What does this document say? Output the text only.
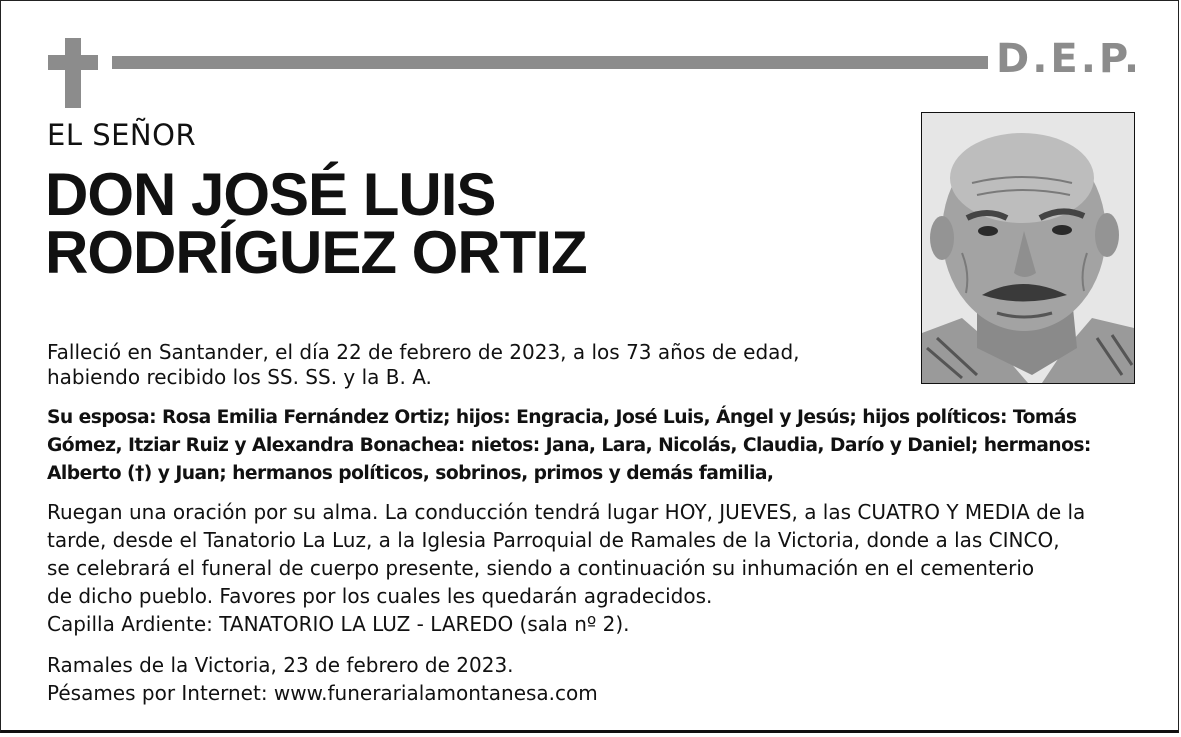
D.E.P.
EL SEÑOR
DON JOSÉ LUIS
RODRÍGUEZ ORTIZ
Falleció en Santander, el día 22 de febrero de 2023, a los 73 años de edad,
habiendo recibido los SS. SS. y la B. A.
Su esposa: Rosa Emilia Fernández Ortiz; hijos: Engracia, José Luis, Ángel y Jesús; hijos políticos: Tomás
Gómez, Itziar Ruiz y Alexandra Bonachea: nietos: Jana, Lara, Nicolás, Claudia, Darío y Daniel; hermanos:
Alberto (†) y Juan; hermanos políticos, sobrinos, primos y demás familia,
Ruegan una oración por su alma. La conducción tendrá lugar HOY, JUEVES, a las CUATRO Y MEDIA de la
tarde, desde el Tanatorio La Luz, a la Iglesia Parroquial de Ramales de la Victoria, donde a las CINCO,
se celebrará el funeral de cuerpo presente, siendo a continuación su inhumación en el cementerio
de dicho pueblo. Favores por los cuales les quedarán agradecidos.
Capilla Ardiente: TANATORIO LA LUZ - LAREDO (sala nº 2).
Ramales de la Victoria, 23 de febrero de 2023.
Pésames por Internet: www.funerarialamontanesa.com
